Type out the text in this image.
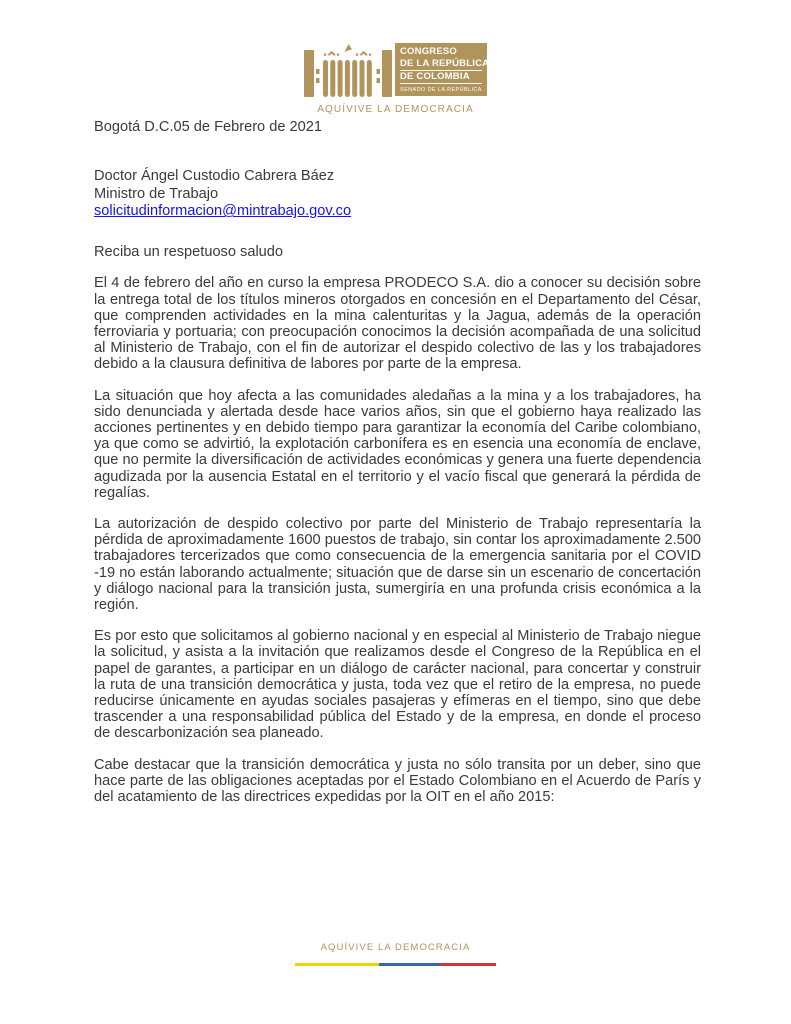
CONGRESO
DE LA REPÚBLICA
DE COLOMBIA
SENADO DE LA REPÚBLICA
AQUÍVIVE LA DEMOCRACIA

Bogotá D.C.05 de Febrero de 2021

Doctor Ángel Custodio Cabrera Báez
Ministro de Trabajo
solicitudinformacion@mintrabajo.gov.co

Reciba un respetuoso saludo

El 4 de febrero del año en curso la empresa PRODECO S.A. dio a conocer su decisión sobre la entrega total de los títulos mineros otorgados en concesión en el Departamento del César, que comprenden actividades en la mina calenturitas y la Jagua, además de la operación ferroviaria y portuaria; con preocupación conocimos la decisión acompañada de una solicitud al Ministerio de Trabajo, con el fin de autorizar el despido colectivo de las y los trabajadores debido a la clausura definitiva de labores por parte de la empresa.

La situación que hoy afecta a las comunidades aledañas a la mina y a los trabajadores, ha sido denunciada y alertada desde hace varios años, sin que el gobierno haya realizado las acciones pertinentes y en debido tiempo para garantizar la economía del Caribe colombiano, ya que como se advirtió, la explotación carbonífera es en esencia una economía de enclave, que no permite la diversificación de actividades económicas y genera una fuerte dependencia agudizada por la ausencia Estatal en el territorio y el vacío fiscal que generará la pérdida de regalías.

La autorización de despido colectivo por parte del Ministerio de Trabajo representaría la pérdida de aproximadamente 1600 puestos de trabajo, sin contar los aproximadamente 2.500 trabajadores tercerizados que como consecuencia de la emergencia sanitaria por el COVID -19 no están laborando actualmente; situación que de darse sin un escenario de concertación y diálogo nacional para la transición justa, sumergiría en una profunda crisis económica a la región.

Es por esto que solicitamos al gobierno nacional y en especial al Ministerio de Trabajo niegue la solicitud, y asista a la invitación que realizamos desde el Congreso de la República en el papel de garantes, a participar en un diálogo de carácter nacional, para concertar y construir la ruta de una transición democrática y justa, toda vez que el retiro de la empresa, no puede reducirse únicamente en ayudas sociales pasajeras y efímeras en el tiempo, sino que debe trascender a una responsabilidad pública del Estado y de la empresa, en donde el proceso de descarbonización sea planeado.

Cabe destacar que la transición democrática y justa no sólo transita por un deber, sino que hace parte de las obligaciones aceptadas por el Estado Colombiano en el Acuerdo de París y del acatamiento de las directrices expedidas por la OIT en el año 2015:

AQUÍVIVE LA DEMOCRACIA
